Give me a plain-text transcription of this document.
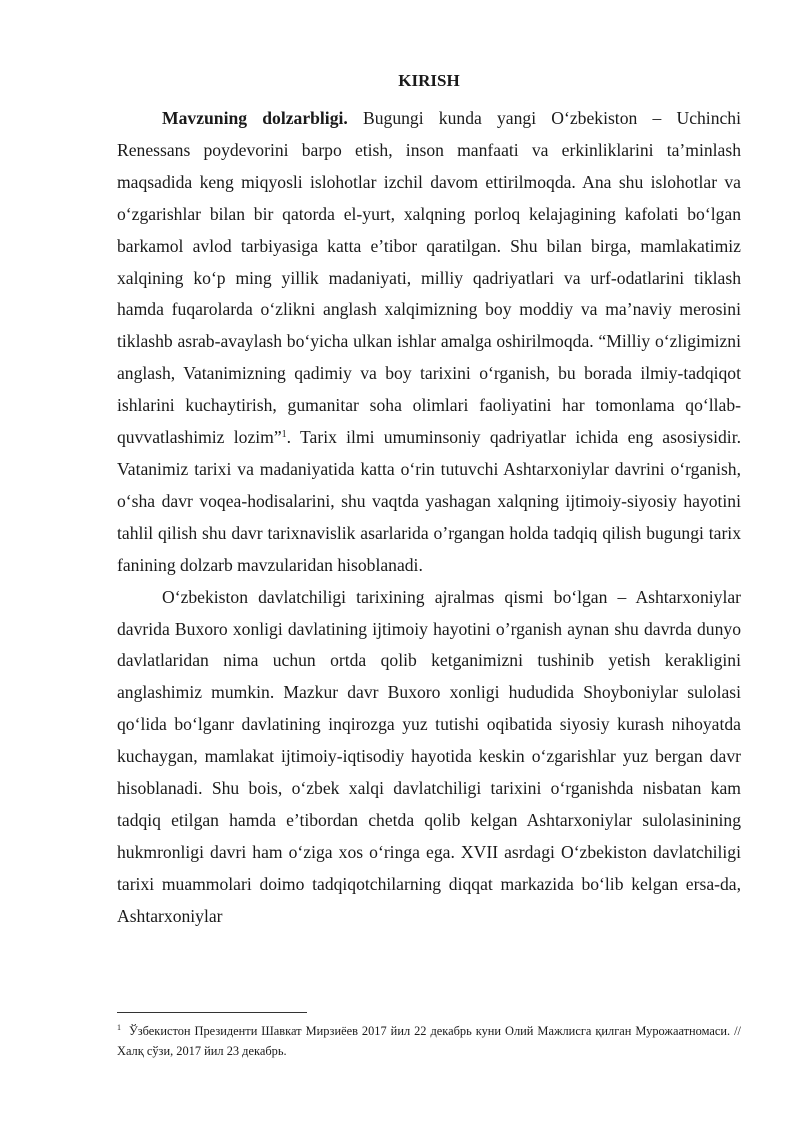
KIRISH

Mavzuning dolzarbligi. Bugungi kunda yangi O‘zbekiston – Uchinchi Renessans poydevorini barpo etish, inson manfaati va erkinliklarini ta’minlash maqsadida keng miqyosli islohotlar izchil davom ettirilmoqda. Ana shu islohotlar va o‘zgarishlar bilan bir qatorda el-yurt, xalqning porloq kelajagining kafolati bo‘lgan barkamol avlod tarbiyasiga katta e’tibor qaratilgan. Shu bilan birga, mamlakatimiz xalqining ko‘p ming yillik madaniyati, milliy qadriyatlari va urf-odatlarini tiklash hamda fuqarolarda o‘zlikni anglash xalqimizning boy moddiy va ma’naviy merosini tiklashb asrab-avaylash bo‘yicha ulkan ishlar amalga oshirilmoqda. “Milliy o‘zligimizni anglash, Vatanimizning qadimiy va boy tarixini o‘rganish, bu borada ilmiy-tadqiqot ishlarini kuchaytirish, gumanitar soha olimlari faoliyatini har tomonlama qo‘llab-quvvatlashimiz lozim”$^1$. Tarix ilmi umuminsoniy qadriyatlar ichida eng asosiysidir. Vatanimiz tarixi va madaniyatida katta o‘rin tutuvchi Ashtarxoniylar davrini o‘rganish, o‘sha davr voqea-hodisalarini, shu vaqtda yashagan xalqning ijtimoiy-siyosiy hayotini tahlil qilish shu davr tarixnavislik asarlarida o’rgangan holda tadqiq qilish bugungi tarix fanining dolzarb mavzularidan hisoblanadi.

O‘zbekiston davlatchiligi tarixining ajralmas qismi bo‘lgan – Ashtarxoniylar davrida Buxoro xonligi davlatining ijtimoiy hayotini o’rganish aynan shu davrda dunyo davlatlaridan nima uchun ortda qolib ketganimizni tushinib yetish kerakligini anglashimiz mumkin. Mazkur davr Buxoro xonligi hududida Shoyboniylar sulolasi qo‘lida bo‘lganr davlatining inqirozga yuz tutishi oqibatida siyosiy kurash nihoyatda kuchaygan, mamlakat ijtimoiy-iqtisodiy hayotida keskin o‘zgarishlar yuz bergan davr hisoblanadi. Shu bois, o‘zbek xalqi davlatchiligi tarixini o‘rganishda nisbatan kam tadqiq etilgan hamda e’tibordan chetda qolib kelgan Ashtarxoniylar sulolasinining hukmronligi davri ham o‘ziga xos o‘ringa ega. XVII asrdagi O‘zbekiston davlatchiligi tarixi muammolari doimo tadqiqotchilarning diqqat markazida bo‘lib kelgan ersa-da, Ashtarxoniylar

$^1$ Ўзбекистон Президенти Шавкат Мирзиёев 2017 йил 22 декабрь куни Олий Мажлисга қилган Мурожаатномаси. // Халқ сўзи, 2017 йил 23 декабрь.
